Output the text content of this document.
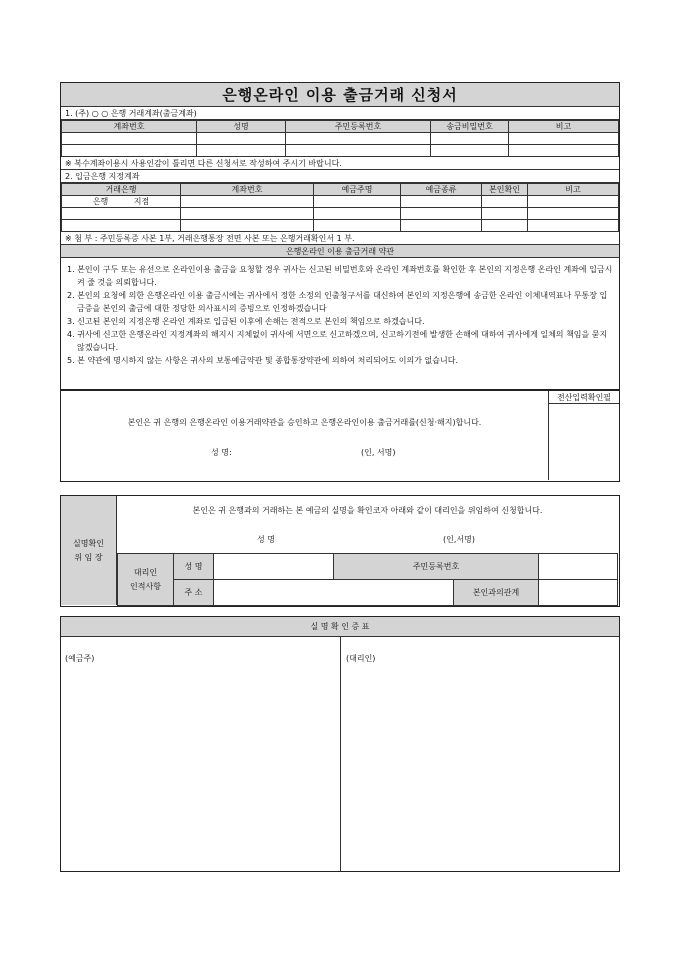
은행온라인 이용 출금거래 신청서
1. (주) ○ ○ 은행 거래계좌(출금계좌)
계좌번호	성명	주민등록번호	송금비밀번호	비고

※ 복수계좌이용시 사용인감이 틀리면 다른 신청서로 작성하여 주시기 바랍니다.
2. 입금은행 지정계좌
거래은행	계좌번호	예금주명	예금종류	본인확인	비고
은행          지점					

※ 첨 부 : 주민등록증 사본 1부, 거래은행통장 전면 사본 또는 은행거래확인서 1 부.
은행온라인 이용 출금거래 약관

1. 본인이 구두 또는 유선으로 온라인이용 출금을 요청할 경우 귀사는 신고된 비밀번호와 온라인 계좌번호를 확인한 후 본인의 지정은행 온라인 계좌에 입금시켜 줄 것을 의뢰합니다.

2. 본인의 요청에 의한 은행온라인 이용 출금시에는 귀사에서 정한 소정의 인출청구서를 대신하여 본인의 지정은행에 송금한 온라인 이체내역표나 무통장 입금증을 본인의 출금에 대한 정당한 의사표시의 증빙으로 인정하겠습니다

3. 신고된 본인의 지정은행 온라인 계좌로 입금된 이후에 손해는 전적으로 본인의 책임으로 하겠습니다.

4. 귀사에 신고한 은행온라인 지정계좌의 해지시 지체없이 귀사에 서면으로 신고하겠으며, 신고하기전에 발생한 손해에 대하여 귀사에게 일체의 책임을 묻지않겠습니다.

5. 본 약관에 명시하지 않는 사항은 귀사의 보통예금약관 및 종합통장약관에 의하여 처리되어도 이의가 없습니다.

본인은 귀 은행의 은행온라인 이용거래약관을 승인하고 은행온라인이용 출금거래를(신청·해지)합니다.
성 명:	(인, 서명)
전산입력확인필
실명확인
위 임 장
본인은 귀 은행과의 거래하는 본 예금의 실명을 확인코자 아래와 같이 대리인을 위임하여 신청합니다.
성 명	(인,서명)
대리인
인적사항	성 명		주민등록번호		
	주 소			본인과의관계	
실 명 확 인 증 표
(예금주)	(대리인)
